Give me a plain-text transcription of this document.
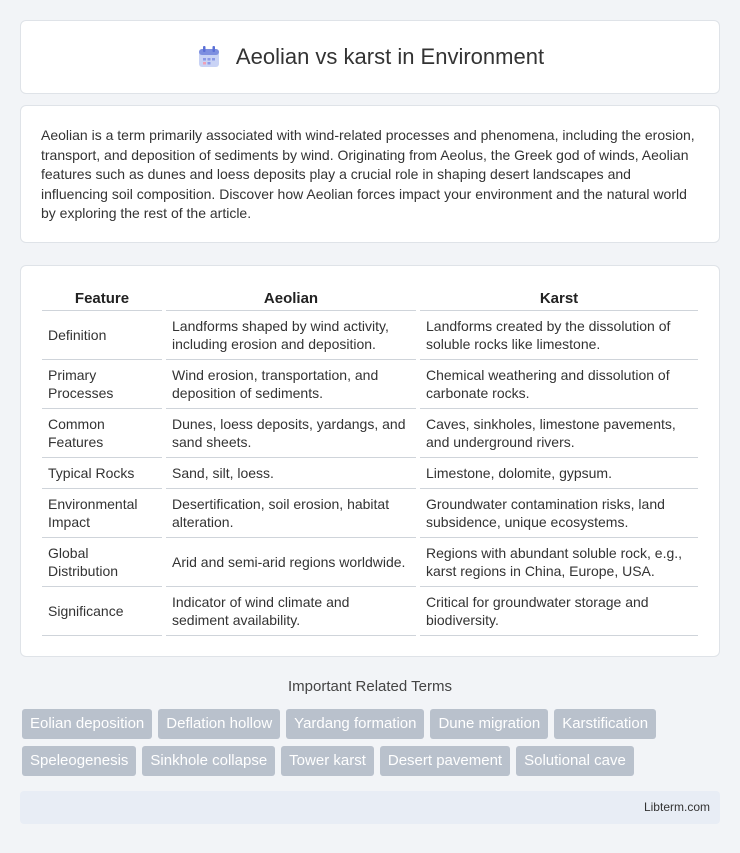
Aeolian vs karst in Environment

Aeolian is a term primarily associated with wind-related processes and phenomena, including the erosion, transport, and deposition of sediments by wind. Originating from Aeolus, the Greek god of winds, Aeolian features such as dunes and loess deposits play a crucial role in shaping desert landscapes and influencing soil composition. Discover how Aeolian forces impact your environment and the natural world by exploring the rest of the article.

Feature	Aeolian	Karst
Definition	Landforms shaped by wind activity, including erosion and deposition.	Landforms created by the dissolution of soluble rocks like limestone.
Primary Processes	Wind erosion, transportation, and deposition of sediments.	Chemical weathering and dissolution of carbonate rocks.
Common Features	Dunes, loess deposits, yardangs, and sand sheets.	Caves, sinkholes, limestone pavements, and underground rivers.
Typical Rocks	Sand, silt, loess.	Limestone, dolomite, gypsum.
Environmental Impact	Desertification, soil erosion, habitat alteration.	Groundwater contamination risks, land subsidence, unique ecosystems.
Global Distribution	Arid and semi-arid regions worldwide.	Regions with abundant soluble rock, e.g., karst regions in China, Europe, USA.
Significance	Indicator of wind climate and sediment availability.	Critical for groundwater storage and biodiversity.
Important Related Terms
Eolian deposition	Deflation hollow	Yardang formation	Dune migration	Karstification
Speleogenesis	Sinkhole collapse	Tower karst	Desert pavement	Solutional cave
Libterm.com
